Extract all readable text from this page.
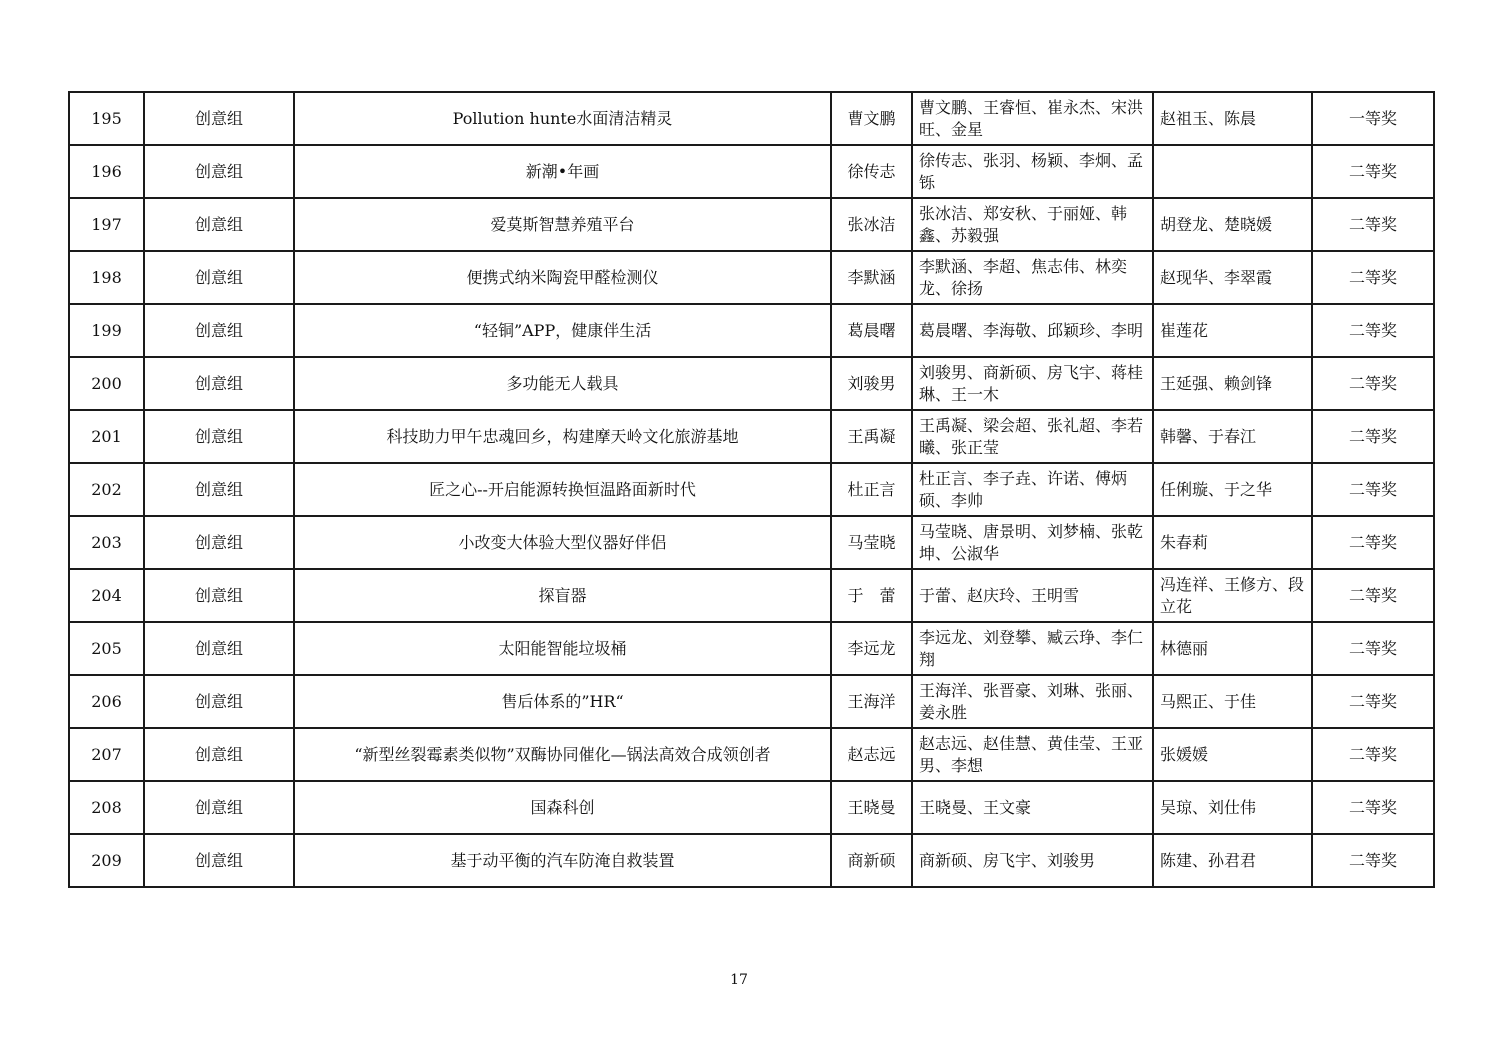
195	创意组	Pollution hunte水面清洁精灵	曹文鹏	曹文鹏、王睿恒、崔永杰、宋洪旺、金星	赵祖玉、陈晨	一等奖
196	创意组	新潮•年画	徐传志	徐传志、张羽、杨颖、李炯、孟铄		二等奖
197	创意组	爱莫斯智慧养殖平台	张冰洁	张冰洁、郑安秋、于丽娅、韩鑫、苏毅强	胡登龙、楚晓媛	二等奖
198	创意组	便携式纳米陶瓷甲醛检测仪	李默涵	李默涵、李超、焦志伟、林奕龙、徐扬	赵现华、李翠霞	二等奖
199	创意组	“轻铜”APP，健康伴生活	葛晨曙	葛晨曙、李海敬、邱颖珍、李明	崔莲花	二等奖
200	创意组	多功能无人载具	刘骏男	刘骏男、商新硕、房飞宇、蒋桂琳、王一木	王延强、赖剑锋	二等奖
201	创意组	科技助力甲午忠魂回乡，构建摩天岭文化旅游基地	王禹凝	王禹凝、梁会超、张礼超、李若曦、张正莹	韩馨、于春江	二等奖
202	创意组	匠之心--开启能源转换恒温路面新时代	杜正言	杜正言、李子垚、许诺、傅炳硕、李帅	任俐璇、于之华	二等奖
203	创意组	小改变大体验大型仪器好伴侣	马莹晓	马莹晓、唐景明、刘梦楠、张乾坤、公淑华	朱春莉	二等奖
204	创意组	探盲器	于　蕾	于蕾、赵庆玲、王明雪	冯连祥、王修方、段立花	二等奖
205	创意组	太阳能智能垃圾桶	李远龙	李远龙、刘登攀、臧云琤、李仁翔	林德丽	二等奖
206	创意组	售后体系的”HR“	王海洋	王海洋、张晋豪、刘琳、张丽、姜永胜	马熙正、于佳	二等奖
207	创意组	“新型丝裂霉素类似物”双酶协同催化—锅法高效合成领创者	赵志远	赵志远、赵佳慧、黄佳莹、王亚男、李想	张媛媛	二等奖
208	创意组	国森科创	王晓曼	王晓曼、王文豪	吴琼、刘仕伟	二等奖
209	创意组	基于动平衡的汽车防淹自救装置	商新硕	商新硕、房飞宇、刘骏男	陈建、孙君君	二等奖
17
